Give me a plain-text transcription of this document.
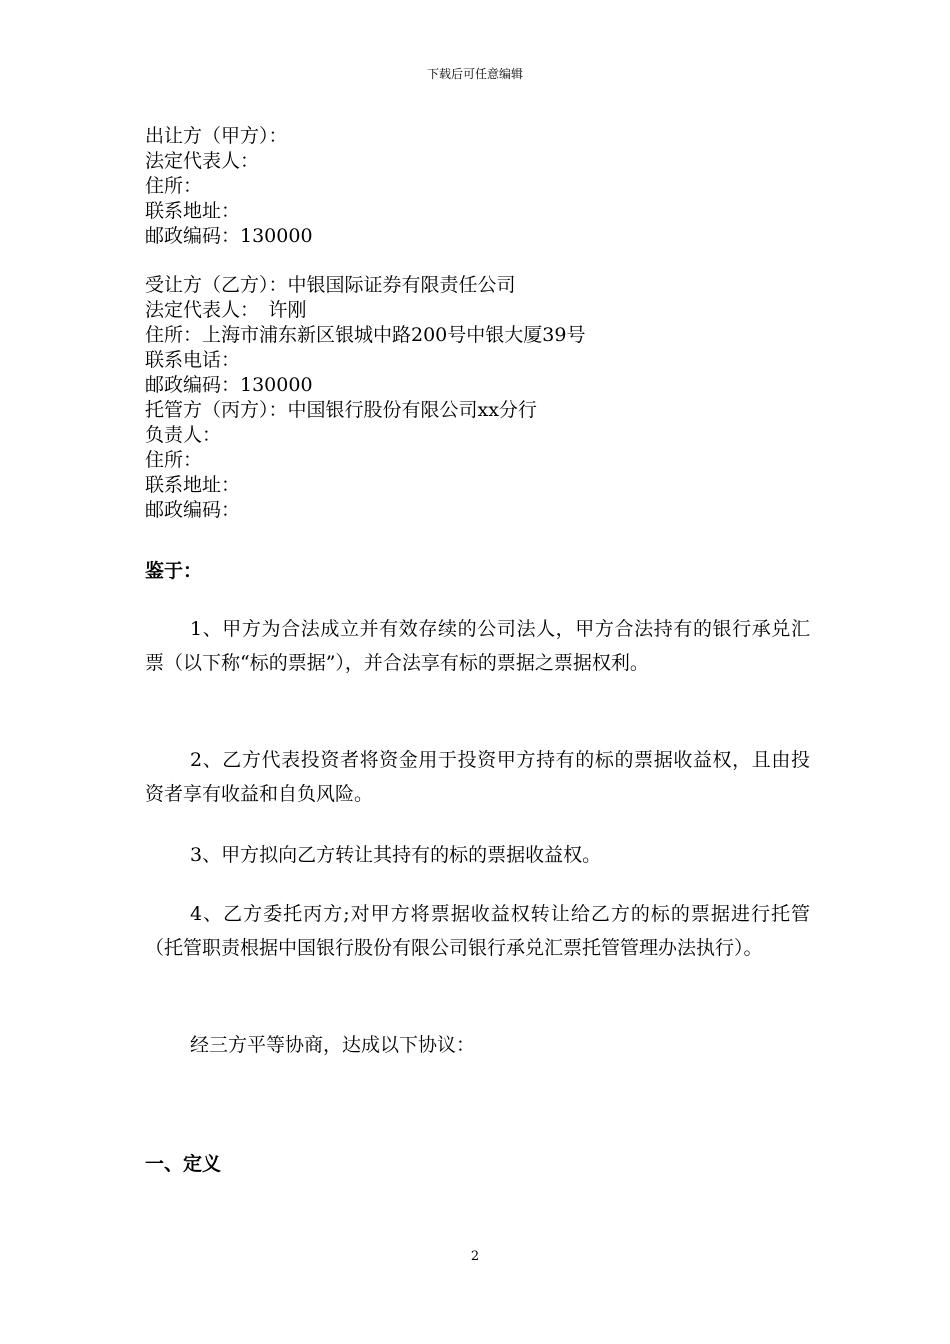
下载后可任意编辑
出让方（甲方）：
法定代表人：
住所：
联系地址：
邮政编码：130000
受让方（乙方）：中银国际证券有限责任公司
法定代表人：　许刚
住所：上海市浦东新区银城中路200号中银大厦39号
联系电话：
邮政编码：130000
托管方（丙方）：中国银行股份有限公司xx分行
负责人：
住所：
联系地址：
邮政编码：
鉴于：
1、甲方为合法成立并有效存续的公司法人，甲方合法持有的银行承兑汇票（以下称“标的票据”），并合法享有标的票据之票据权利。
2、乙方代表投资者将资金用于投资甲方持有的标的票据收益权，且由投资者享有收益和自负风险。
3、甲方拟向乙方转让其持有的标的票据收益权。
4、乙方委托丙方;对甲方将票据收益权转让给乙方的标的票据进行托管（托管职责根据中国银行股份有限公司银行承兑汇票托管管理办法执行）。
经三方平等协商，达成以下协议：
一、定义
2
